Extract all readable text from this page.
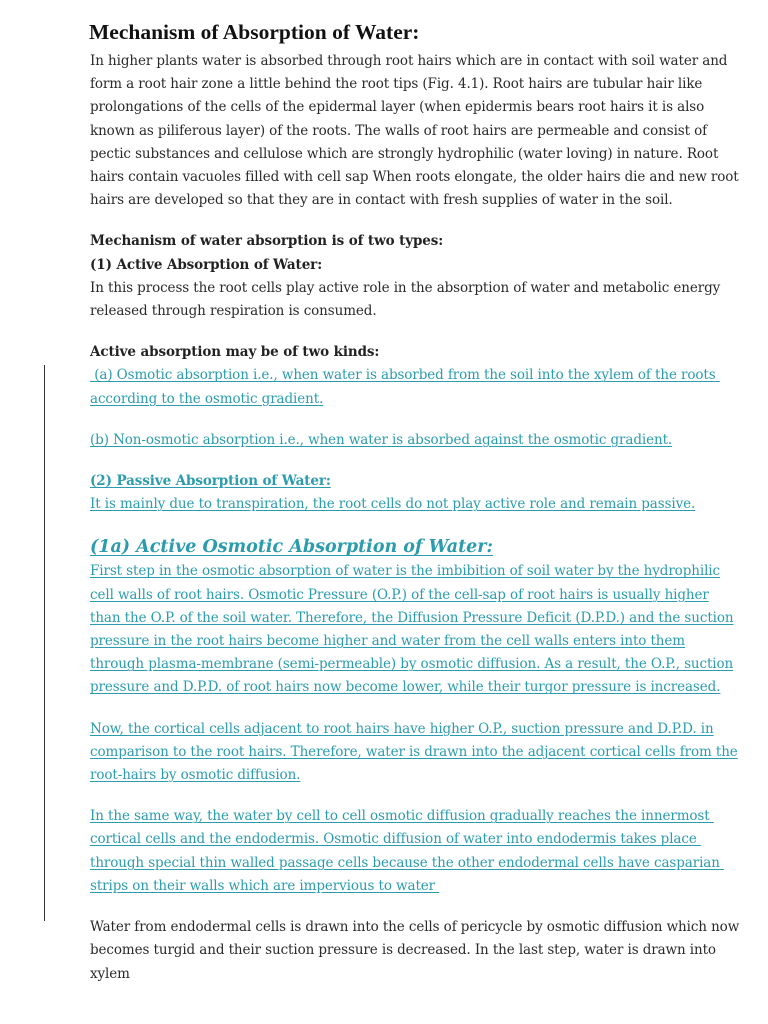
Mechanism of Absorption of Water:

In higher plants water is absorbed through root hairs which are in contact with soil water and form a root hair zone a little behind the root tips (Fig. 4.1). Root hairs are tubular hair like prolongations of the cells of the epidermal layer (when epidermis bears root hairs it is also known as piliferous layer) of the roots. The walls of root hairs are permeable and consist of pectic substances and cellulose which are strongly hydrophilic (water loving) in nature. Root hairs contain vacuoles filled with cell sap When roots elongate, the older hairs die and new root hairs are developed so that they are in contact with fresh supplies of water in the soil.

Mechanism of water absorption is of two types:

(1) Active Absorption of Water:

In this process the root cells play active role in the absorption of water and metabolic energy released through respiration is consumed.

Active absorption may be of two kinds:

(a) Osmotic absorption i.e., when water is absorbed from the soil into the xylem of the roots according to the osmotic gradient.

(b) Non-osmotic absorption i.e., when water is absorbed against the osmotic gradient.

(2) Passive Absorption of Water:

It is mainly due to transpiration, the root cells do not play active role and remain passive.

(1a) Active Osmotic Absorption of Water:

First step in the osmotic absorption of water is the imbibition of soil water by the hydrophilic cell walls of root hairs. Osmotic Pressure (O.P.) of the cell-sap of root hairs is usually higher than the O.P. of the soil water. Therefore, the Diffusion Pressure Deficit (D.P.D.) and the suction pressure in the root hairs become higher and water from the cell walls enters into them through plasma-membrane (semi-permeable) by osmotic diffusion. As a result, the O.P., suction pressure and D.P.D. of root hairs now become lower, while their turgor pressure is increased.

Now, the cortical cells adjacent to root hairs have higher O.P., suction pressure and D.P.D. in comparison to the root hairs. Therefore, water is drawn into the adjacent cortical cells from the root-hairs by osmotic diffusion.

In the same way, the water by cell to cell osmotic diffusion gradually reaches the innermost cortical cells and the endodermis. Osmotic diffusion of water into endodermis takes place through special thin walled passage cells because the other endodermal cells have casparian strips on their walls which are impervious to water

Water from endodermal cells is drawn into the cells of pericycle by osmotic diffusion which now becomes turgid and their suction pressure is decreased. In the last step, water is drawn into xylem
